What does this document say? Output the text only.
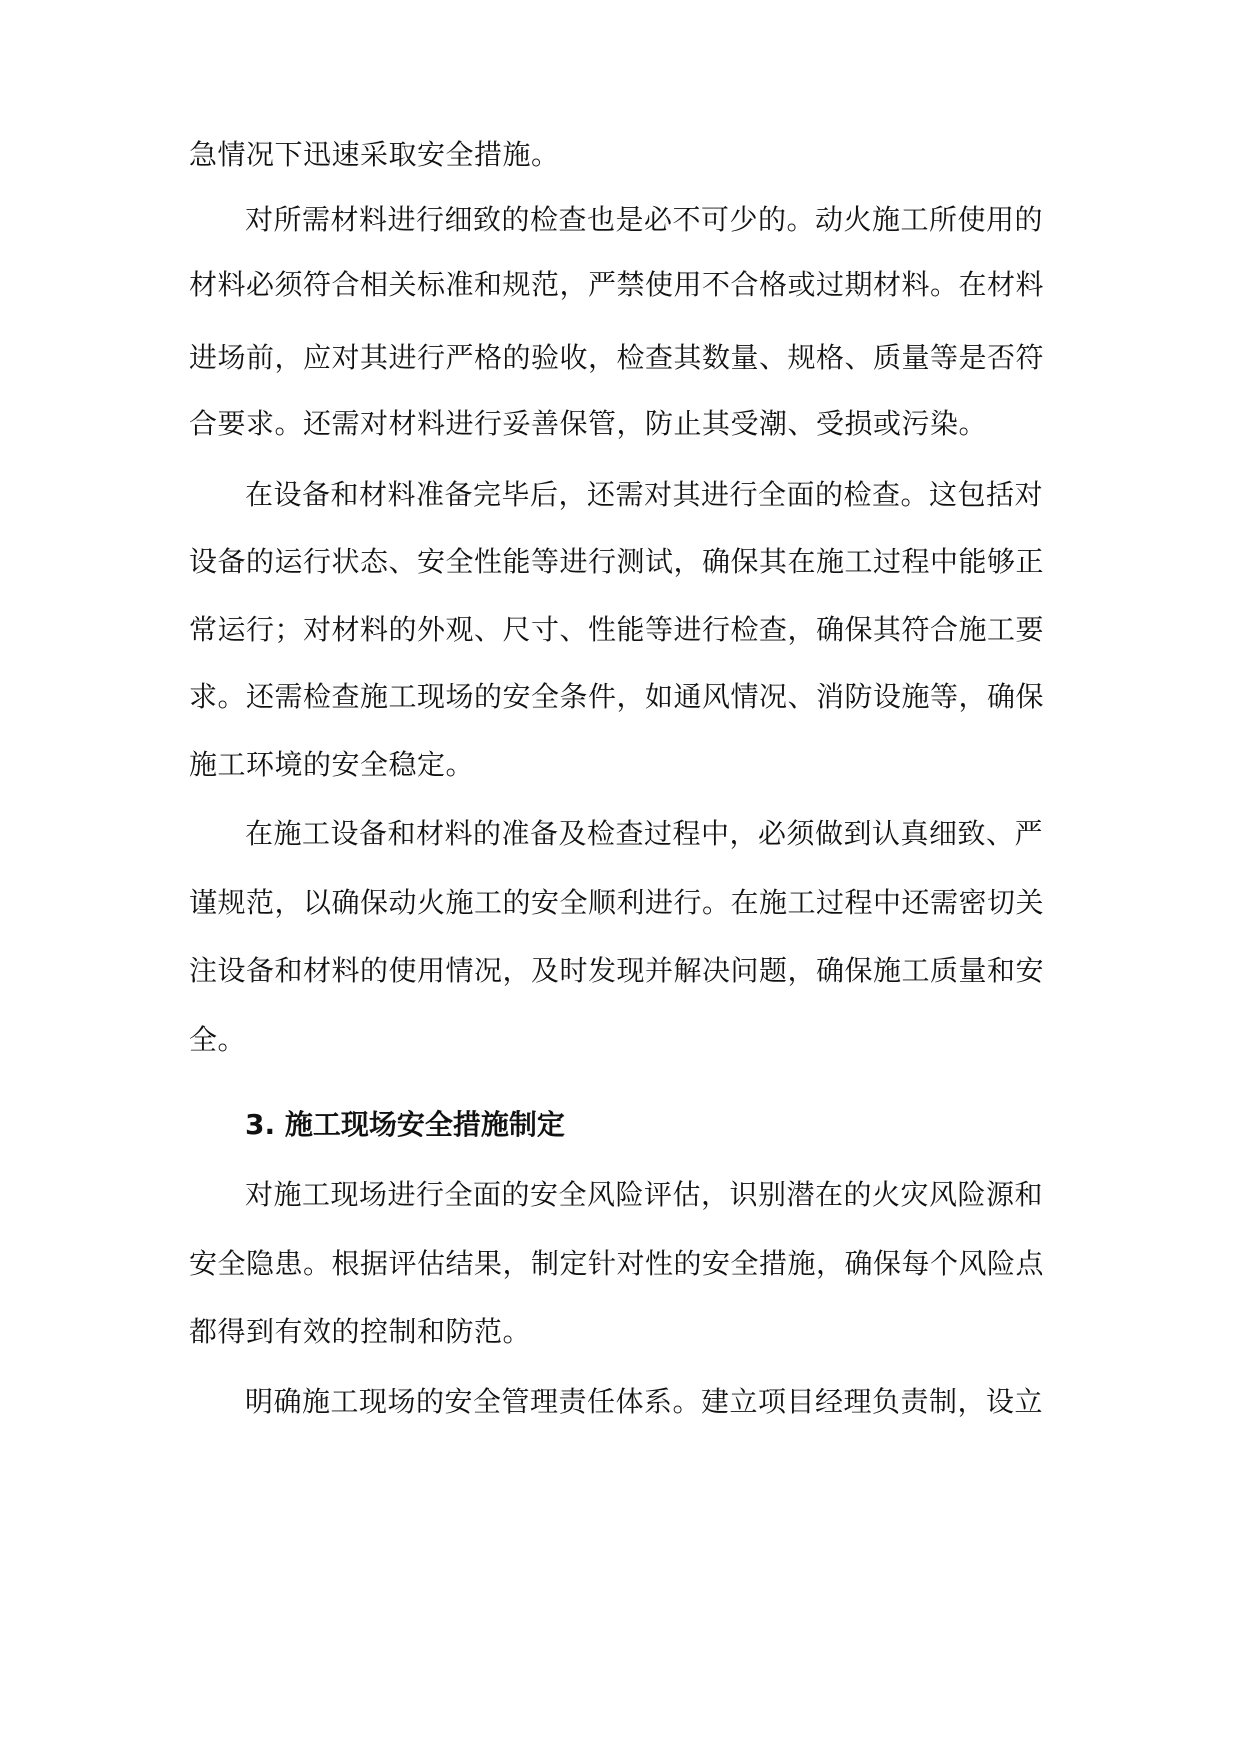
急情况下迅速采取安全措施。
对所需材料进行细致的检查也是必不可少的。动火施工所使用的
材料必须符合相关标准和规范，严禁使用不合格或过期材料。在材料
进场前，应对其进行严格的验收，检查其数量、规格、质量等是否符
合要求。还需对材料进行妥善保管，防止其受潮、受损或污染。
在设备和材料准备完毕后，还需对其进行全面的检查。这包括对
设备的运行状态、安全性能等进行测试，确保其在施工过程中能够正
常运行；对材料的外观、尺寸、性能等进行检查，确保其符合施工要
求。还需检查施工现场的安全条件，如通风情况、消防设施等，确保
施工环境的安全稳定。
在施工设备和材料的准备及检查过程中，必须做到认真细致、严
谨规范，以确保动火施工的安全顺利进行。在施工过程中还需密切关
注设备和材料的使用情况，及时发现并解决问题，确保施工质量和安
全。
3. 施工现场安全措施制定
对施工现场进行全面的安全风险评估，识别潜在的火灾风险源和
安全隐患。根据评估结果，制定针对性的安全措施，确保每个风险点
都得到有效的控制和防范。
明确施工现场的安全管理责任体系。建立项目经理负责制，设立
